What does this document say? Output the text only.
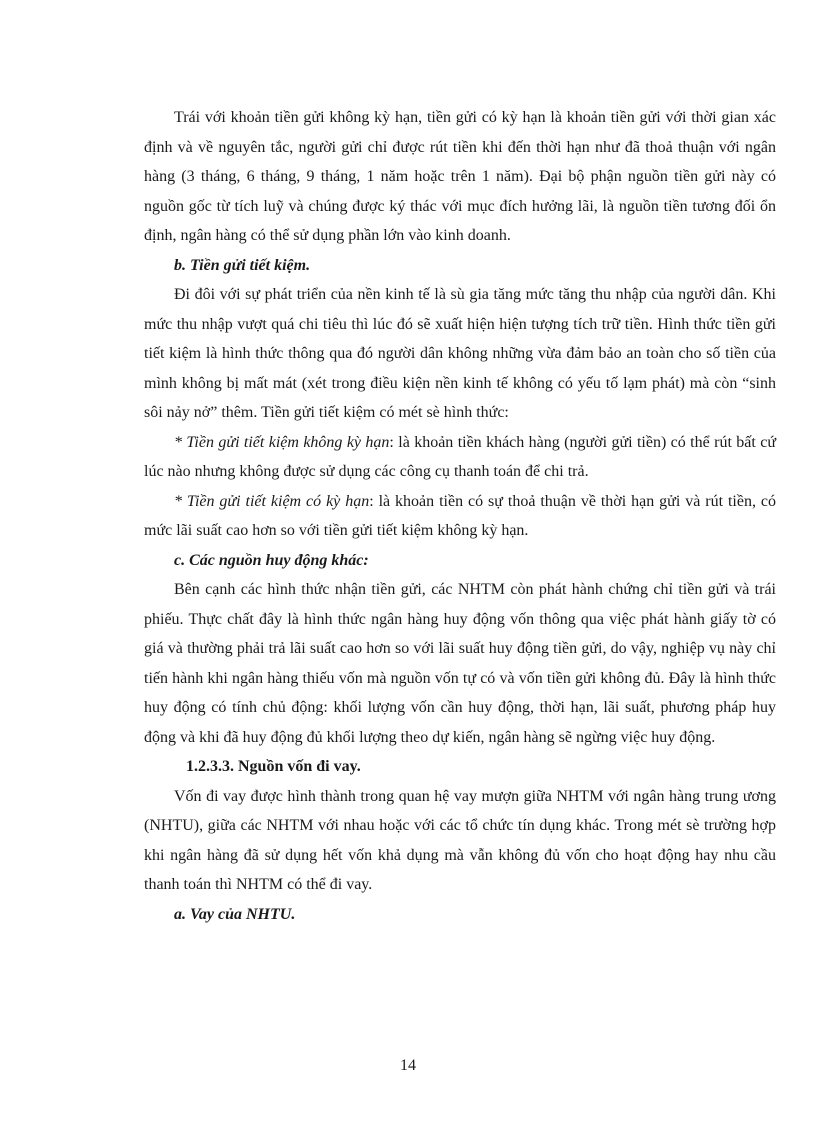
Trái với khoản tiền gửi không kỳ hạn, tiền gửi có kỳ hạn là khoản tiền gửi với thời gian xác định và về nguyên tắc, người gửi chỉ được rút tiền khi đến thời hạn như đã thoả thuận với ngân hàng (3 tháng, 6 tháng, 9 tháng, 1 năm hoặc trên 1 năm). Đại bộ phận nguồn tiền gửi này có nguồn gốc từ tích luỹ và chúng được ký thác với mục đích hưởng lãi, là nguồn tiền tương đối ổn định, ngân hàng có thể sử dụng phần lớn vào kinh doanh.

b. Tiền gửi tiết kiệm.

Đi đôi với sự phát triển của nền kinh tế là sù gia tăng mức tăng thu nhập của người dân. Khi mức thu nhập vượt quá chi tiêu thì lúc đó sẽ xuất hiện hiện tượng tích trữ tiền. Hình thức tiền gửi tiết kiệm là hình thức thông qua đó người dân không những vừa đảm bảo an toàn cho số tiền của mình không bị mất mát (xét trong điều kiện nền kinh tế không có yếu tố lạm phát) mà còn “sinh sôi nảy nở” thêm. Tiền gửi tiết kiệm có mét sè hình thức:

* Tiền gửi tiết kiệm không kỳ hạn: là khoản tiền khách hàng (người gửi tiền) có thể rút bất cứ lúc nào nhưng không được sử dụng các công cụ thanh toán để chi trả.

* Tiền gửi tiết kiệm có kỳ hạn: là khoản tiền có sự thoả thuận về thời hạn gửi và rút tiền, có mức lãi suất cao hơn so với tiền gửi tiết kiệm không kỳ hạn.

c. Các nguồn huy động khác:

Bên cạnh các hình thức nhận tiền gửi, các NHTM còn phát hành chứng chỉ tiền gửi và trái phiếu. Thực chất đây là hình thức ngân hàng huy động vốn thông qua việc phát hành giấy tờ có giá và thường phải trả lãi suất cao hơn so với lãi suất huy động tiền gửi, do vậy, nghiệp vụ này chỉ tiến hành khi ngân hàng thiếu vốn mà nguồn vốn tự có và vốn tiền gửi không đủ. Đây là hình thức huy động có tính chủ động: khối lượng vốn cần huy động, thời hạn, lãi suất, phương pháp huy động và khi đã huy động đủ khối lượng theo dự kiến, ngân hàng sẽ ngừng việc huy động.

1.2.3.3. Nguồn vốn đi vay.

Vốn đi vay được hình thành trong quan hệ vay mượn giữa NHTM với ngân hàng trung ương (NHTU), giữa các NHTM với nhau hoặc với các tổ chức tín dụng khác. Trong mét sè trường hợp khi ngân hàng đã sử dụng hết vốn khả dụng mà vẫn không đủ vốn cho hoạt động hay nhu cầu thanh toán thì NHTM có thể đi vay.

a. Vay của NHTU.

14
